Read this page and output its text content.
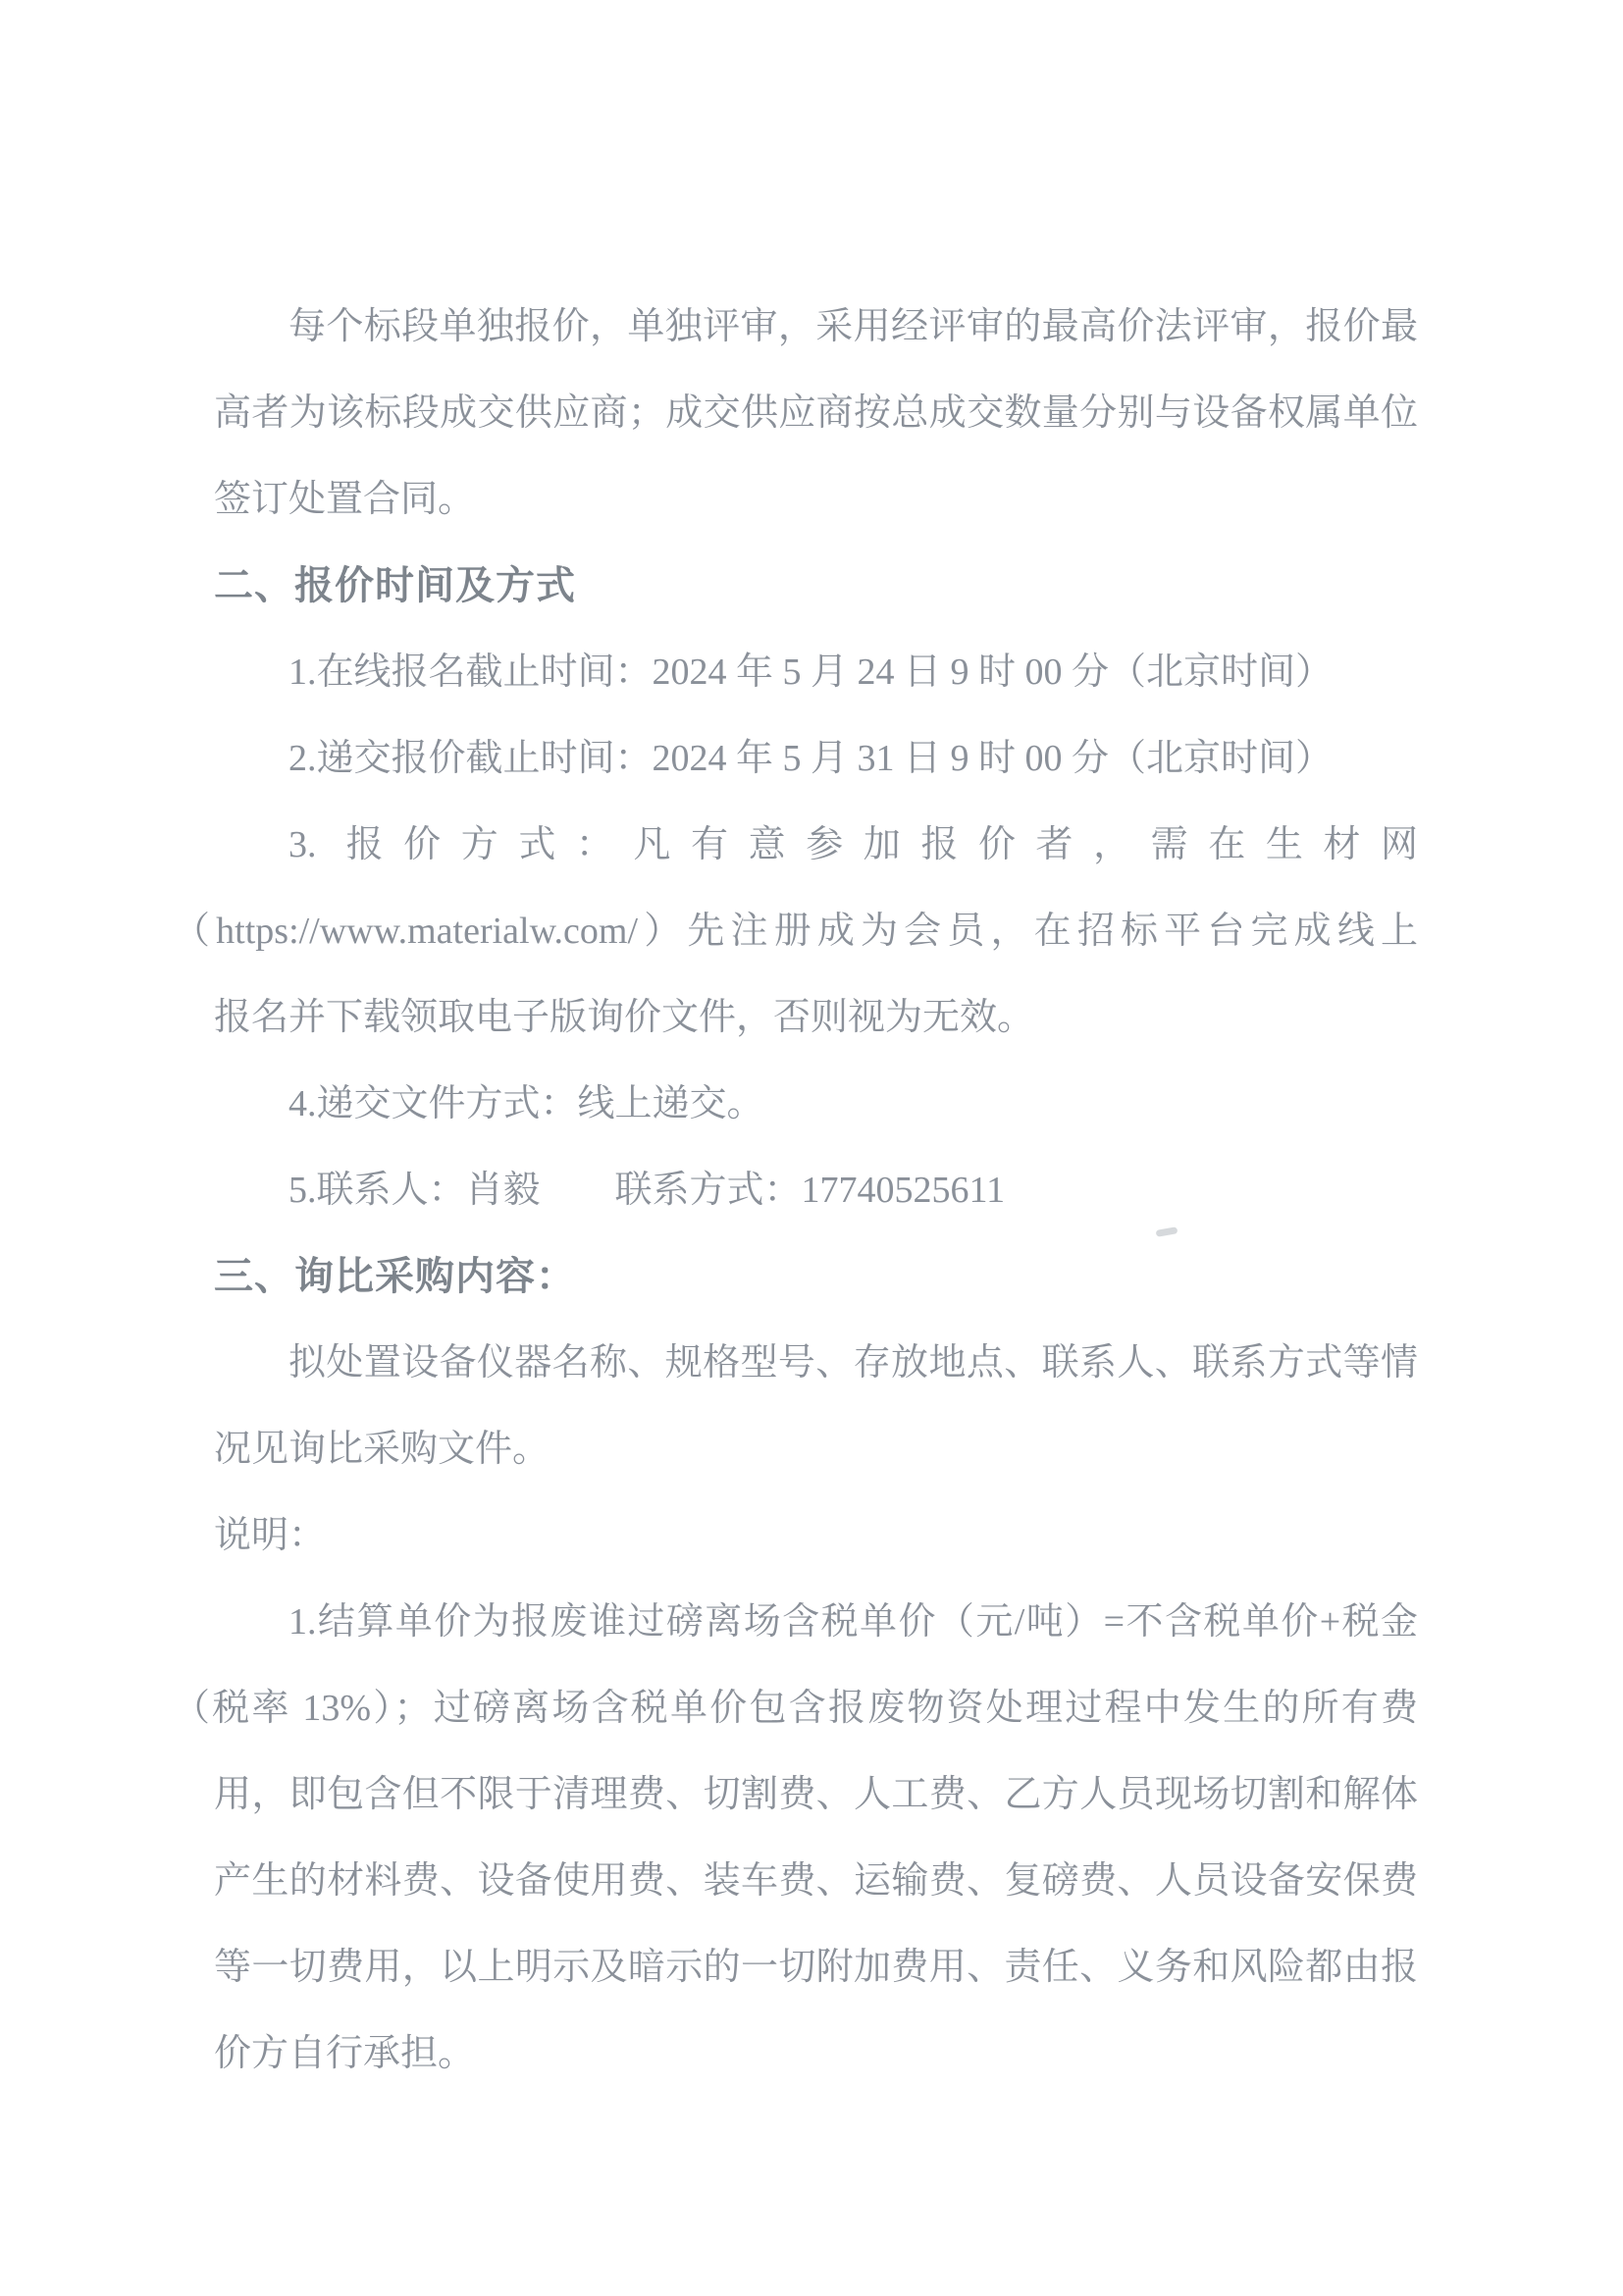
每个标段单独报价，单独评审，采用经评审的最高价法评审，报价最
高者为该标段成交供应商；成交供应商按总成交数量分别与设备权属单位
签订处置合同。
二、报价时间及方式
1.在线报名截止时间：2024 年 5 月 24 日 9 时 00 分（北京时间）
2.递交报价截止时间：2024 年 5 月 31 日 9 时 00 分（北京时间）
3. 报价方式：凡有意参加报价者，需在生材网
（https://www.materialw.com/）先注册成为会员，在招标平台完成线上
报名并下载领取电子版询价文件，否则视为无效。
4.递交文件方式：线上递交。
5.联系人：肖毅　　联系方式：17740525611
三、询比采购内容：
拟处置设备仪器名称、规格型号、存放地点、联系人、联系方式等情
况见询比采购文件。
说明：
1.结算单价为报废谁过磅离场含税单价（元/吨）=不含税单价+税金
（税率 13%）；过磅离场含税单价包含报废物资处理过程中发生的所有费
用，即包含但不限于清理费、切割费、人工费、乙方人员现场切割和解体
产生的材料费、设备使用费、装车费、运输费、复磅费、人员设备安保费
等一切费用，以上明示及暗示的一切附加费用、责任、义务和风险都由报
价方自行承担。
